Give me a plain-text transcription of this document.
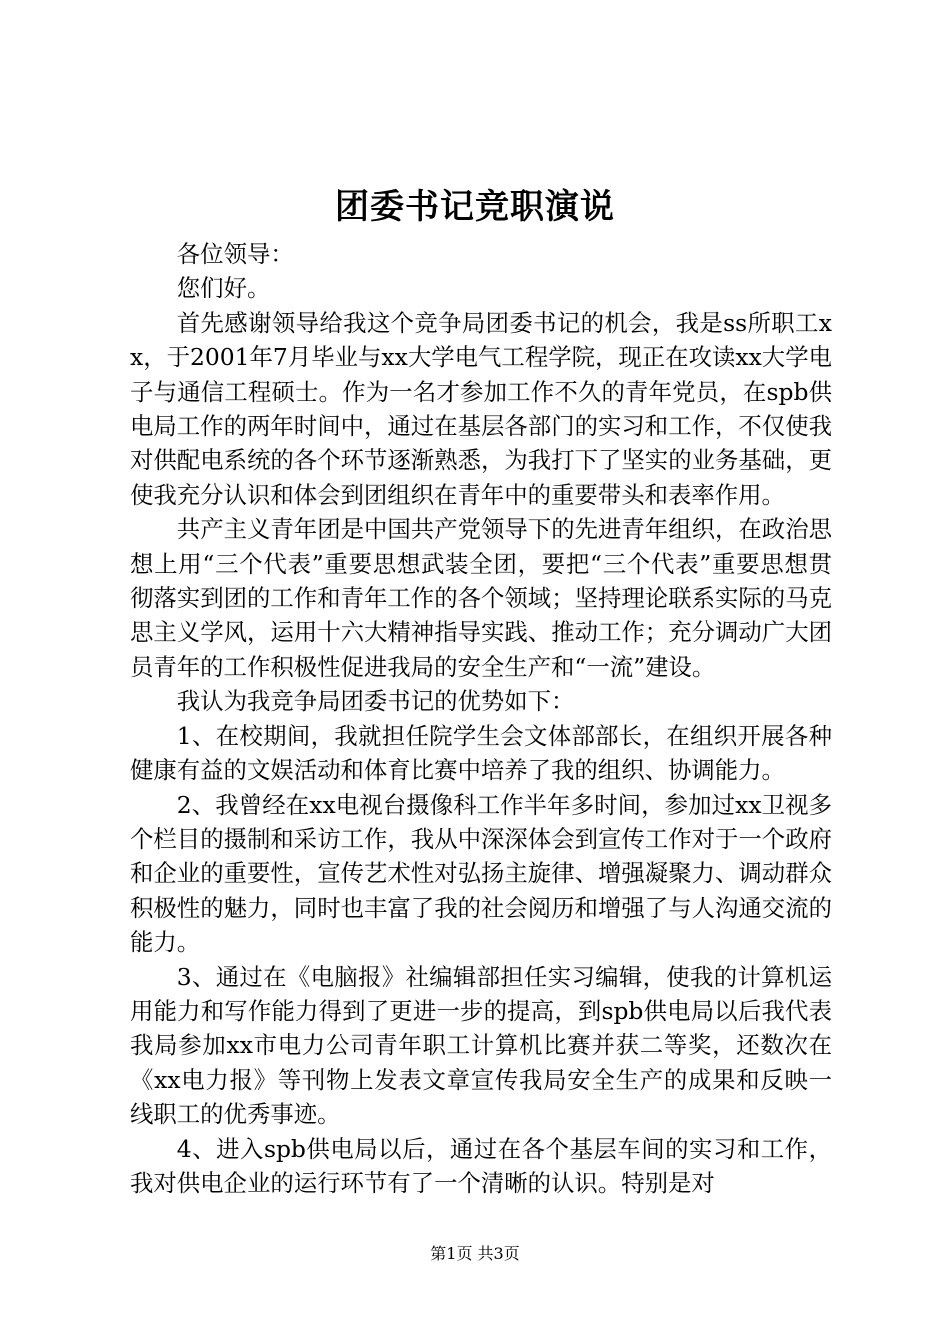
团委书记竞职演说

各位领导：

您们好。

首先感谢领导给我这个竞争局团委书记的机会，我是ss所职工xx，于2001年7月毕业与xx大学电气工程学院，现正在攻读xx大学电子与通信工程硕士。作为一名才参加工作不久的青年党员，在spb供电局工作的两年时间中，通过在基层各部门的实习和工作，不仅使我对供配电系统的各个环节逐渐熟悉，为我打下了坚实的业务基础，更使我充分认识和体会到团组织在青年中的重要带头和表率作用。

共产主义青年团是中国共产党领导下的先进青年组织，在政治思想上用“三个代表”重要思想武装全团，要把“三个代表”重要思想贯彻落实到团的工作和青年工作的各个领域；坚持理论联系实际的马克思主义学风，运用十六大精神指导实践、推动工作；充分调动广大团员青年的工作积极性促进我局的安全生产和“一流”建设。

我认为我竞争局团委书记的优势如下：

1、在校期间，我就担任院学生会文体部部长，在组织开展各种健康有益的文娱活动和体育比赛中培养了我的组织、协调能力。

2、我曾经在xx电视台摄像科工作半年多时间，参加过xx卫视多个栏目的摄制和采访工作，我从中深深体会到宣传工作对于一个政府和企业的重要性，宣传艺术性对弘扬主旋律、增强凝聚力、调动群众积极性的魅力，同时也丰富了我的社会阅历和增强了与人沟通交流的能力。

3、通过在《电脑报》社编辑部担任实习编辑，使我的计算机运用能力和写作能力得到了更进一步的提高，到spb供电局以后我代表我局参加xx市电力公司青年职工计算机比赛并获二等奖，还数次在《xx电力报》等刊物上发表文章宣传我局安全生产的成果和反映一线职工的优秀事迹。

4、进入spb供电局以后，通过在各个基层车间的实习和工作，我对供电企业的运行环节有了一个清晰的认识。特别是对

第1页 共3页
